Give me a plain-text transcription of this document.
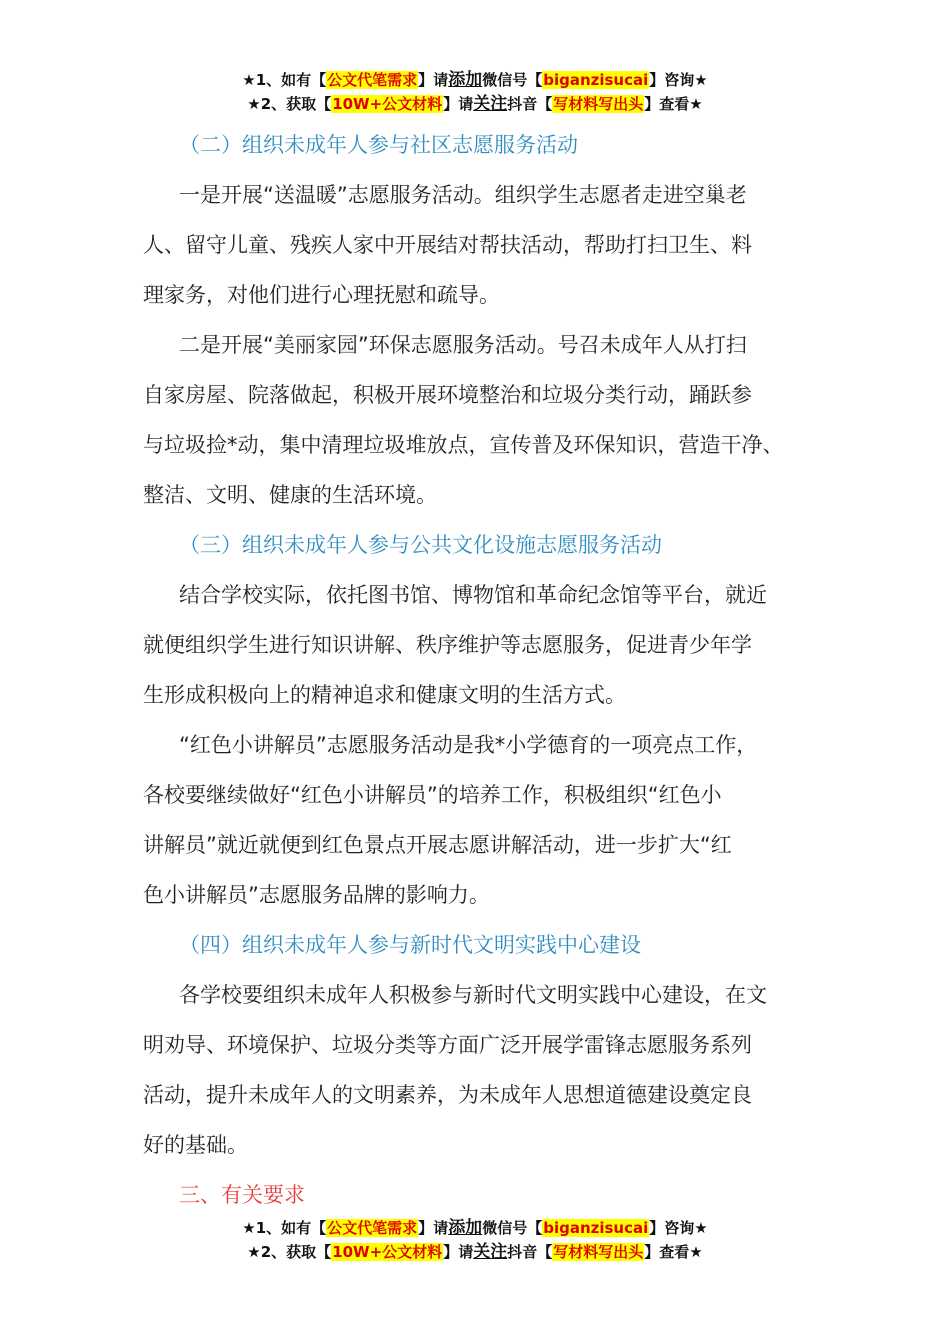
★1、如有【公文代笔需求】请添加微信号【biganzisucai】咨询★
★2、获取【10W+公文材料】请关注抖音【写材料写出头】查看★
（二）组织未成年人参与社区志愿服务活动
一是开展“送温暖”志愿服务活动。组织学生志愿者走进空巢老
人、留守儿童、残疾人家中开展结对帮扶活动，帮助打扫卫生、料
理家务，对他们进行心理抚慰和疏导。
二是开展“美丽家园”环保志愿服务活动。号召未成年人从打扫
自家房屋、院落做起，积极开展环境整治和垃圾分类行动，踊跃参
与垃圾捡*动，集中清理垃圾堆放点，宣传普及环保知识，营造干净、
整洁、文明、健康的生活环境。
（三）组织未成年人参与公共文化设施志愿服务活动
结合学校实际，依托图书馆、博物馆和革命纪念馆等平台，就近
就便组织学生进行知识讲解、秩序维护等志愿服务，促进青少年学
生形成积极向上的精神追求和健康文明的生活方式。
“红色小讲解员”志愿服务活动是我*小学德育的一项亮点工作，
各校要继续做好“红色小讲解员”的培养工作，积极组织“红色小
讲解员”就近就便到红色景点开展志愿讲解活动，进一步扩大“红
色小讲解员”志愿服务品牌的影响力。
（四）组织未成年人参与新时代文明实践中心建设
各学校要组织未成年人积极参与新时代文明实践中心建设，在文
明劝导、环境保护、垃圾分类等方面广泛开展学雷锋志愿服务系列
活动，提升未成年人的文明素养，为未成年人思想道德建设奠定良
好的基础。
三、有关要求
★1、如有【公文代笔需求】请添加微信号【biganzisucai】咨询★
★2、获取【10W+公文材料】请关注抖音【写材料写出头】查看★
